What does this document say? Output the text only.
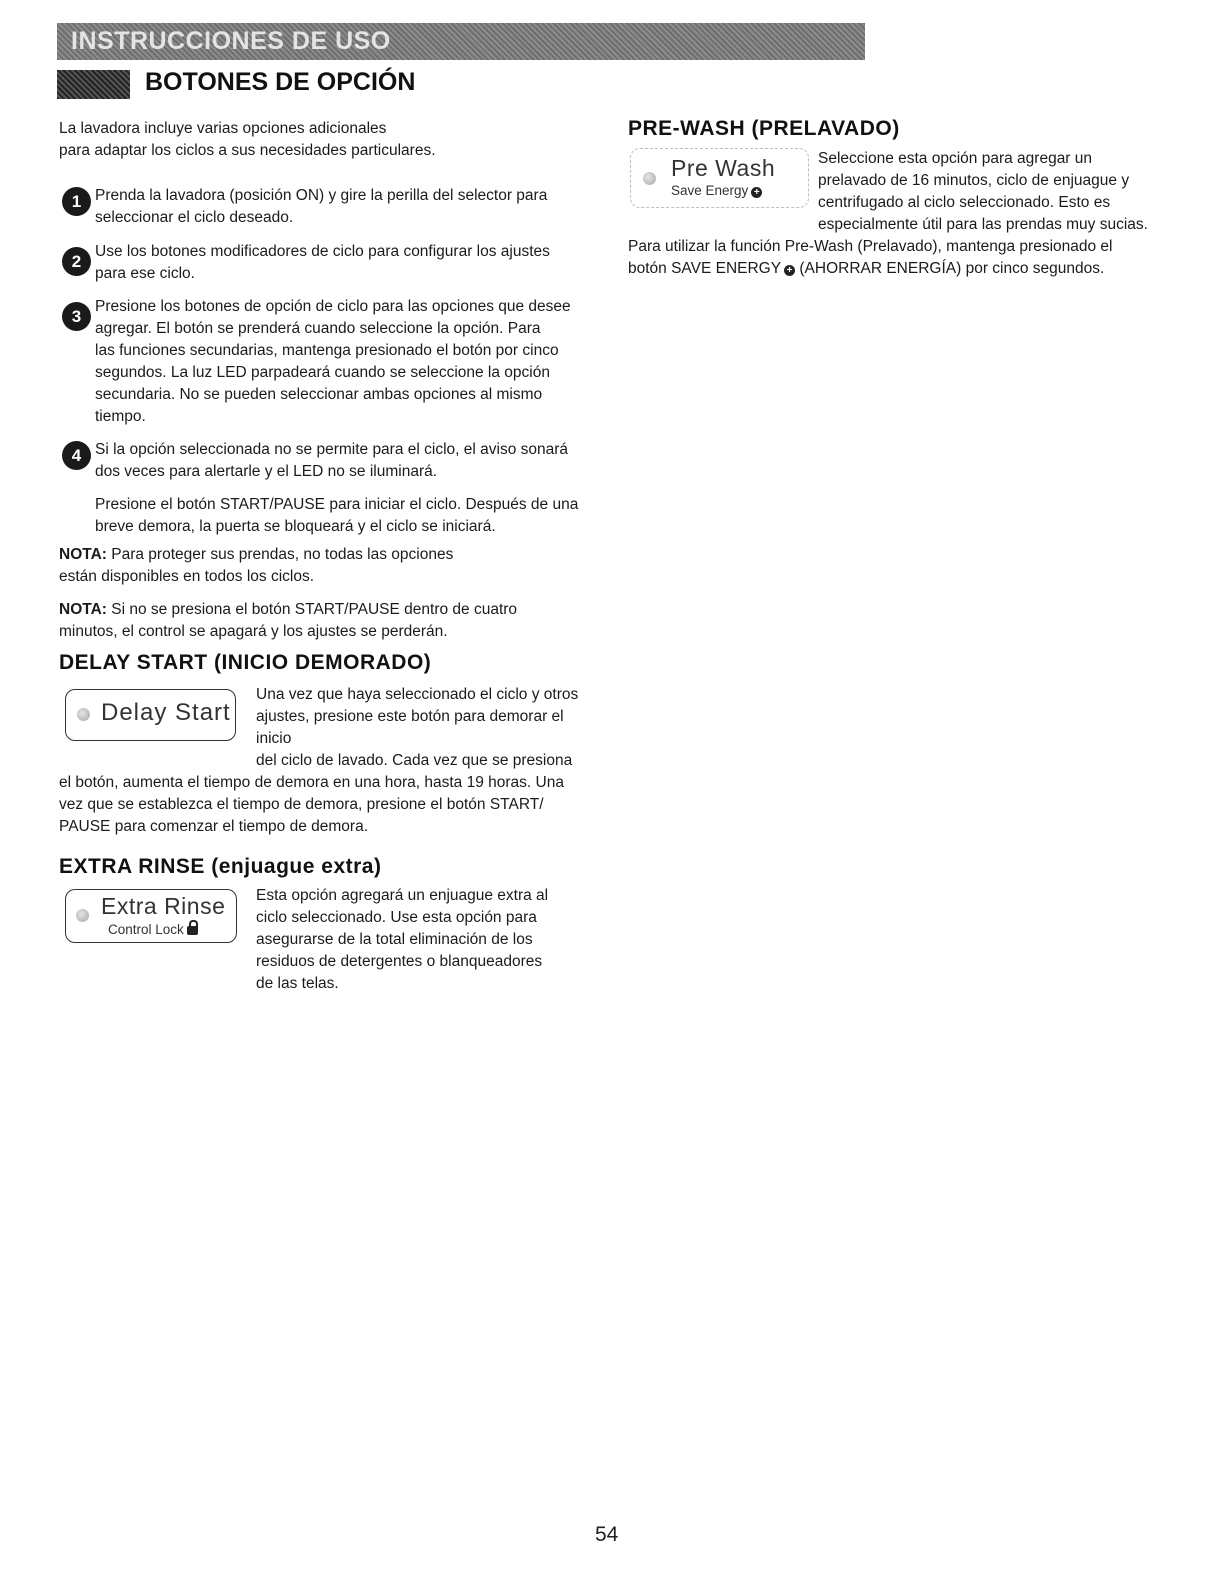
INSTRUCCIONES DE USO
BOTONES DE OPCIÓN
La lavadora incluye varias opciones adicionales
para adaptar los ciclos a sus necesidades particulares.
1 Prenda la lavadora (posición ON) y gire la perilla del selector para
seleccionar el ciclo deseado.
2
Use los botones modificadores de ciclo para configurar los ajustes
para ese ciclo.
3
Presione los botones de opción de ciclo para las opciones que desee
agregar. El botón se prenderá cuando seleccione la opción. Para
las funciones secundarias, mantenga presionado el botón por cinco
segundos. La luz LED parpadeará cuando se seleccione la opción
secundaria. No se pueden seleccionar ambas opciones al mismo
tiempo.
4 Si la opción seleccionada no se permite para el ciclo, el aviso sonará
dos veces para alertarle y el LED no se iluminará.
Presione el botón START/PAUSE para iniciar el ciclo. Después de una
breve demora, la puerta se bloqueará y el ciclo se iniciará.
NOTA: Para proteger sus prendas, no todas las opciones
están disponibles en todos los ciclos.
NOTA: Si no se presiona el botón START/PAUSE dentro de cuatro
minutos, el control se apagará y los ajustes se perderán.
DELAY START (INICIO DEMORADO)
Delay Start
Una vez que haya seleccionado el ciclo y otros
ajustes, presione este botón para demorar el
inicio
del ciclo de lavado. Cada vez que se presiona
el botón, aumenta el tiempo de demora en una hora, hasta 19 horas. Una
vez que se establezca el tiempo de demora, presione el botón START/
PAUSE para comenzar el tiempo de demora.
EXTRA RINSE (enjuague extra)
Extra Rinse
Control Lock
Esta opción agregará un enjuague extra al
ciclo seleccionado. Use esta opción para
asegurarse de la total eliminación de los
residuos de detergentes o blanqueadores
de las telas.
PRE-WASH (PRELAVADO)
Pre Wash
Save Energy +
Seleccione esta opción para agregar un
prelavado de 16 minutos, ciclo de enjuague y
centrifugado al ciclo seleccionado. Esto es
especialmente útil para las prendas muy sucias.
Para utilizar la función Pre-Wash (Prelavado), mantenga presionado el
botón SAVE ENERGY + (AHORRAR ENERGÍA) por cinco segundos.
54
